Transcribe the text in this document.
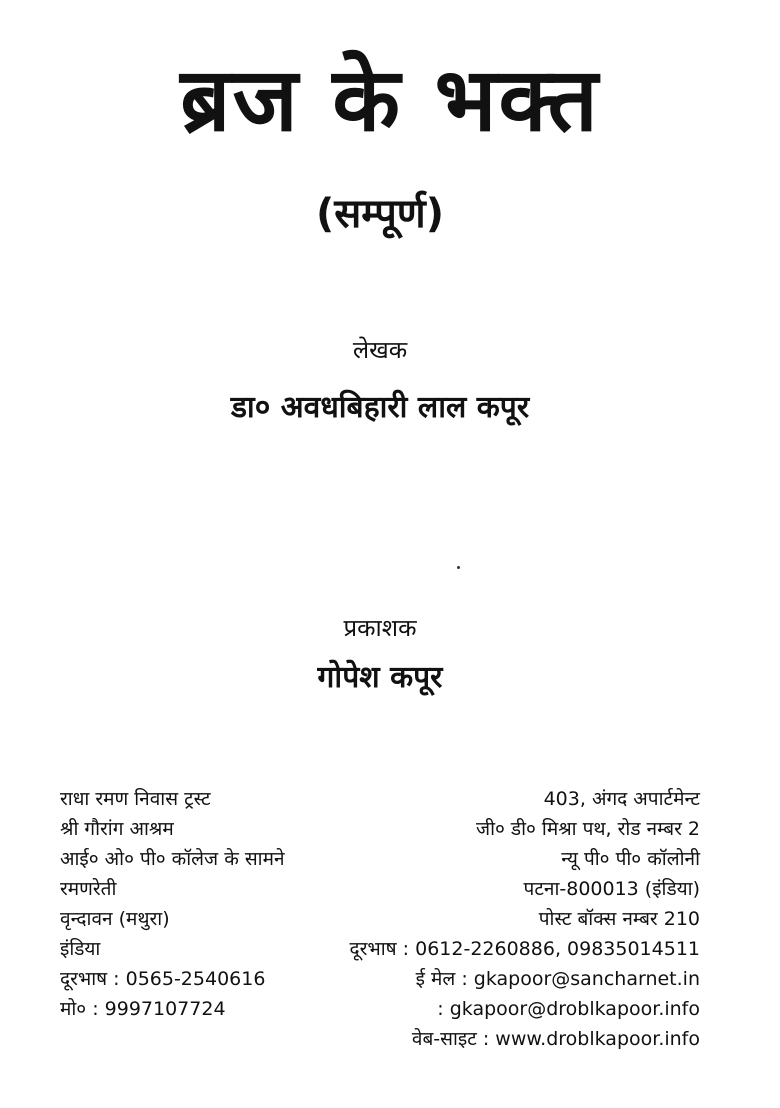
ब्रज के भक्त
(सम्पूर्ण)
लेखक
डा० अवधबिहारी लाल कपूर
प्रकाशक
गोपेश कपूर
राधा रमण निवास ट्रस्ट
श्री गौरांग आश्रम
आई० ओ० पी० कॉलेज के सामने
रमणरेती
वृन्दावन (मथुरा)
इंडिया
दूरभाष : 0565-2540616
मो० : 9997107724
403, अंगद अपार्टमेन्ट
जी० डी० मिश्रा पथ, रोड नम्बर 2
न्यू पी० पी० कॉलोनी
पटना-800013 (इंडिया)
पोस्ट बॉक्स नम्बर 210
दूरभाष : 0612-2260886, 09835014511
ई मेल : gkapoor@sancharnet.in
: gkapoor@droblkapoor.info
वेब-साइट : www.droblkapoor.info
